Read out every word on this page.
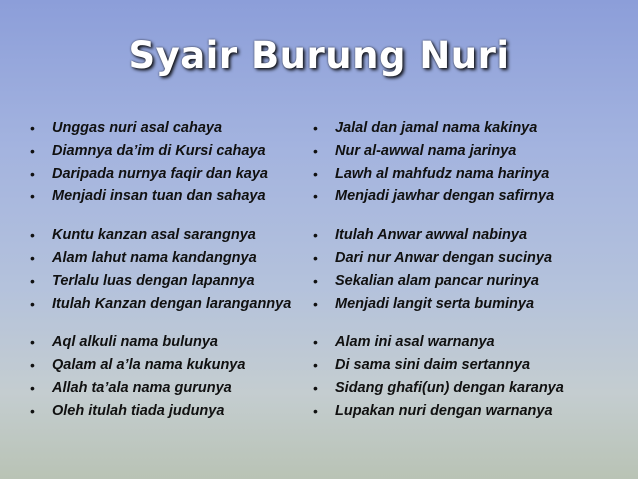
Syair Burung Nuri
• Unggas nuri asal cahaya
• Diamnya da’im di Kursi cahaya
• Daripada nurnya faqir dan kaya
• Menjadi insan tuan dan sahaya
• Kuntu kanzan asal sarangnya
• Alam lahut nama kandangnya
• Terlalu luas dengan lapannya
• Itulah Kanzan dengan larangannya
• Aql alkuli nama bulunya
• Qalam al a’la nama kukunya
• Allah ta’ala nama gurunya
• Oleh itulah tiada judunya
• Jalal dan jamal nama kakinya
• Nur al-awwal nama jarinya
• Lawh al mahfudz nama harinya
• Menjadi jawhar dengan safirnya
• Itulah Anwar awwal nabinya
• Dari nur Anwar dengan sucinya
• Sekalian alam pancar nurinya
• Menjadi langit serta buminya
• Alam ini asal warnanya
• Di sama sini daim sertannya
• Sidang ghafi(un) dengan karanya
• Lupakan nuri dengan warnanya
